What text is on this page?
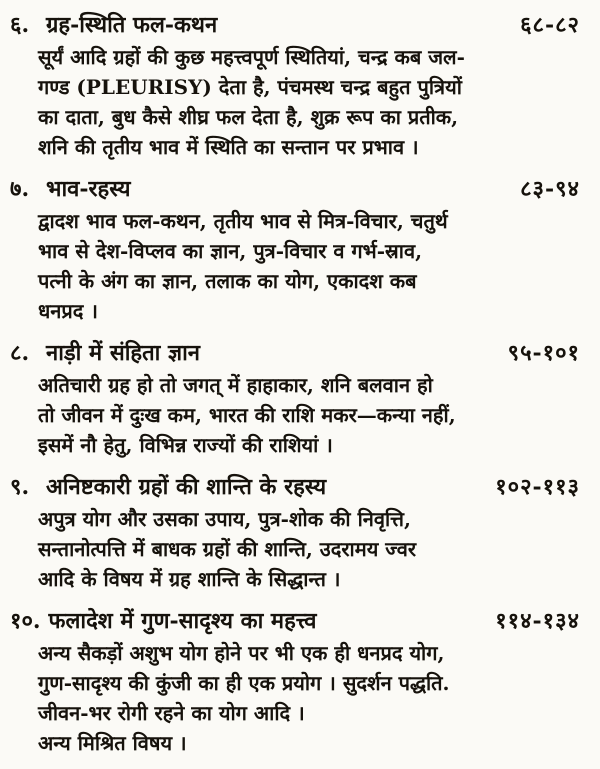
६. ग्रह-स्थिति फल-कथन	६८-८२
सूर्यं आदि ग्रहों की कुछ महत्त्वपूर्ण स्थितियां, चन्द्र कब जल-
गण्ड (PLEURISY) देता है, पंचमस्थ चन्द्र बहुत पुत्रियों
का दाता, बुध कैसे शीघ्र फल देता है, शुक्र रूप का प्रतीक,
शनि की तृतीय भाव में स्थिति का सन्तान पर प्रभाव ।
७. भाव-रहस्य	८३-९४
द्वादश भाव फल-कथन, तृतीय भाव से मित्र-विचार, चतुर्थ
भाव से देश-विप्लव का ज्ञान, पुत्र-विचार व गर्भ-स्राव,
पत्नी के अंग का ज्ञान, तलाक का योग, एकादश कब
धनप्रद ।
८. नाड़ी में संहिता ज्ञान	९५-१०१
अतिचारी ग्रह हो तो जगत् में हाहाकार, शनि बलवान हो
तो जीवन में दुःख कम, भारत की राशि मकर—कन्या नहीं,
इसमें नौ हेतु, विभिन्न राज्यों की राशियां ।
९. अनिष्टकारी ग्रहों की शान्ति के रहस्य	१०२-११३
अपुत्र योग और उसका उपाय, पुत्र-शोक की निवृत्ति,
सन्तानोत्पत्ति में बाधक ग्रहों की शान्ति, उदरामय ज्वर
आदि के विषय में ग्रह शान्ति के सिद्धान्त ।
१०. फलादेश में गुण-सादृश्य का महत्त्व	११४-१३४
अन्य सैकड़ों अशुभ योग होने पर भी एक ही धनप्रद योग,
गुण-सादृश्य की कुंजी का ही एक प्रयोग । सुदर्शन पद्धति.
जीवन-भर रोगी रहने का योग आदि ।
अन्य मिश्रित विषय ।
